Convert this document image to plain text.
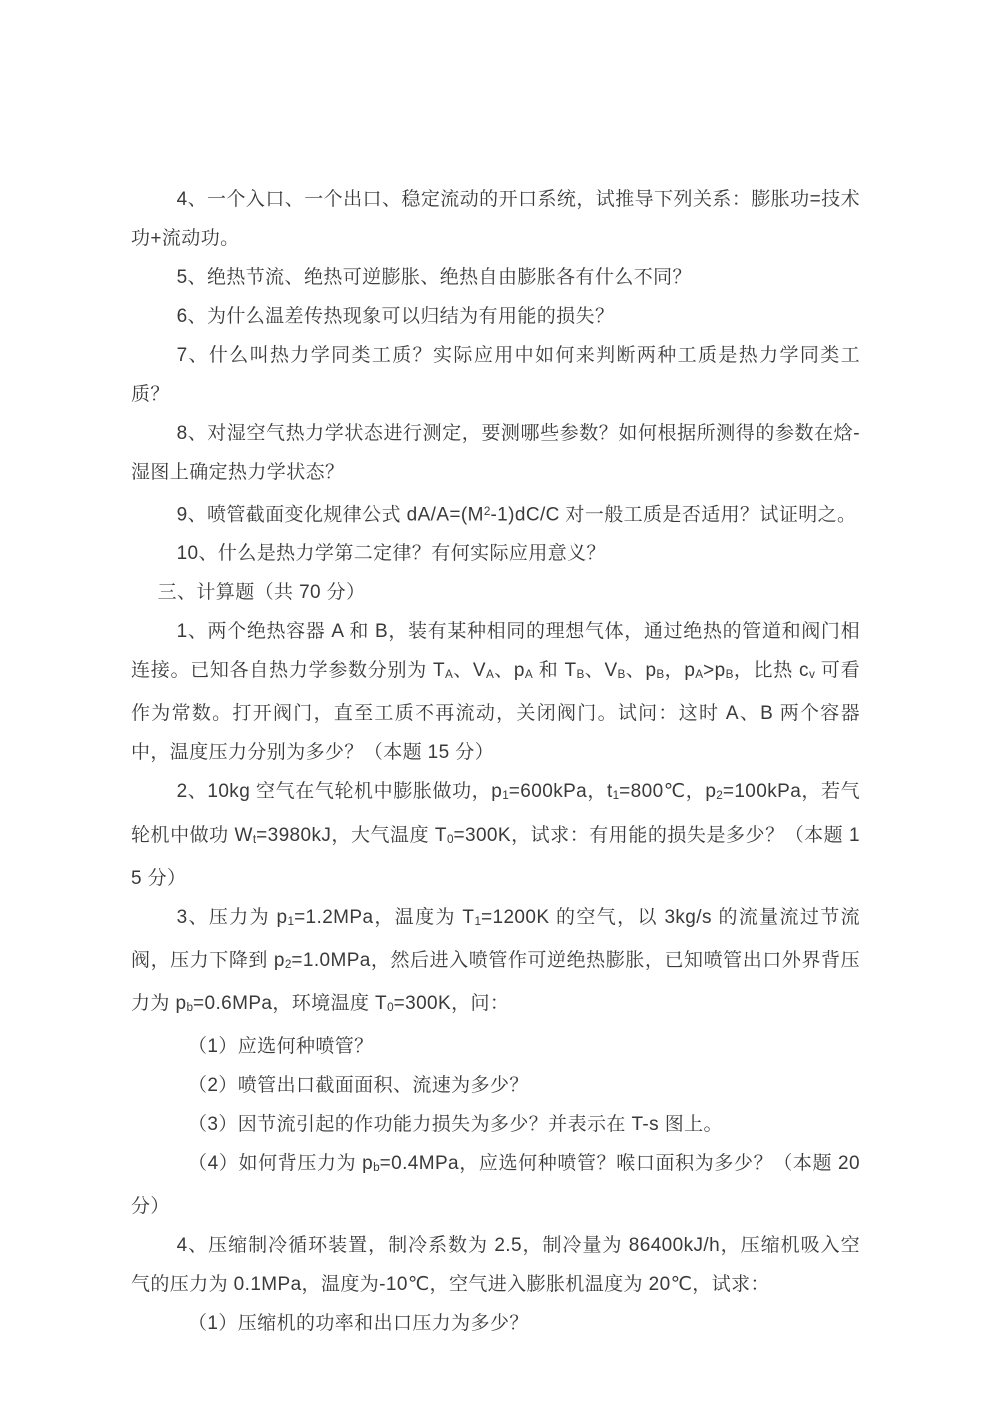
4、一个入口、一个出口、稳定流动的开口系统，试推导下列关系：膨胀功=技术功+流动功。

5、绝热节流、绝热可逆膨胀、绝热自由膨胀各有什么不同？

6、为什么温差传热现象可以归结为有用能的损失？

7、什么叫热力学同类工质？实际应用中如何来判断两种工质是热力学同类工质？

8、对湿空气热力学状态进行测定，要测哪些参数？如何根据所测得的参数在焓-湿图上确定热力学状态？

9、喷管截面变化规律公式 $dA/A=(M^2-1)dC/C$ 对一般工质是否适用？试证明之。

10、什么是热力学第二定律？有何实际应用意义？

三、计算题（共 70 分）

1、两个绝热容器 A 和 B，装有某种相同的理想气体，通过绝热的管道和阀门相连接。已知各自热力学参数分别为 $T_A$、$V_A$、$p_A$ 和 $T_B$、$V_B$、$p_B$，$p_A>p_B$，比热 $c_v$ 可看作为常数。打开阀门，直至工质不再流动，关闭阀门。试问：这时 A、B 两个容器中，温度压力分别为多少？（本题 15 分）

2、10kg 空气在气轮机中膨胀做功，$p_1=600kPa$，$t_1=800℃$，$p_2=100kPa$，若气轮机中做功 $W_t=3980kJ$，大气温度 $T_0=300K$，试求：有用能的损失是多少？（本题 15 分）

3、压力为 $p_1=1.2MPa$，温度为 $T_1=1200K$ 的空气，以 3kg/s 的流量流过节流阀，压力下降到 $p_2=1.0MPa$，然后进入喷管作可逆绝热膨胀，已知喷管出口外界背压力为 $p_b=0.6MPa$，环境温度 $T_0=300K$，问：

（1）应选何种喷管？

（2）喷管出口截面面积、流速为多少？

（3）因节流引起的作功能力损失为多少？并表示在 T-s 图上。

（4）如何背压力为 $p_b=0.4MPa$，应选何种喷管？喉口面积为多少？（本题 20 分）

4、压缩制冷循环装置，制冷系数为 2.5，制冷量为 86400kJ/h，压缩机吸入空气的压力为 0.1MPa，温度为-10℃，空气进入膨胀机温度为 20℃，试求：

（1）压缩机的功率和出口压力为多少？
